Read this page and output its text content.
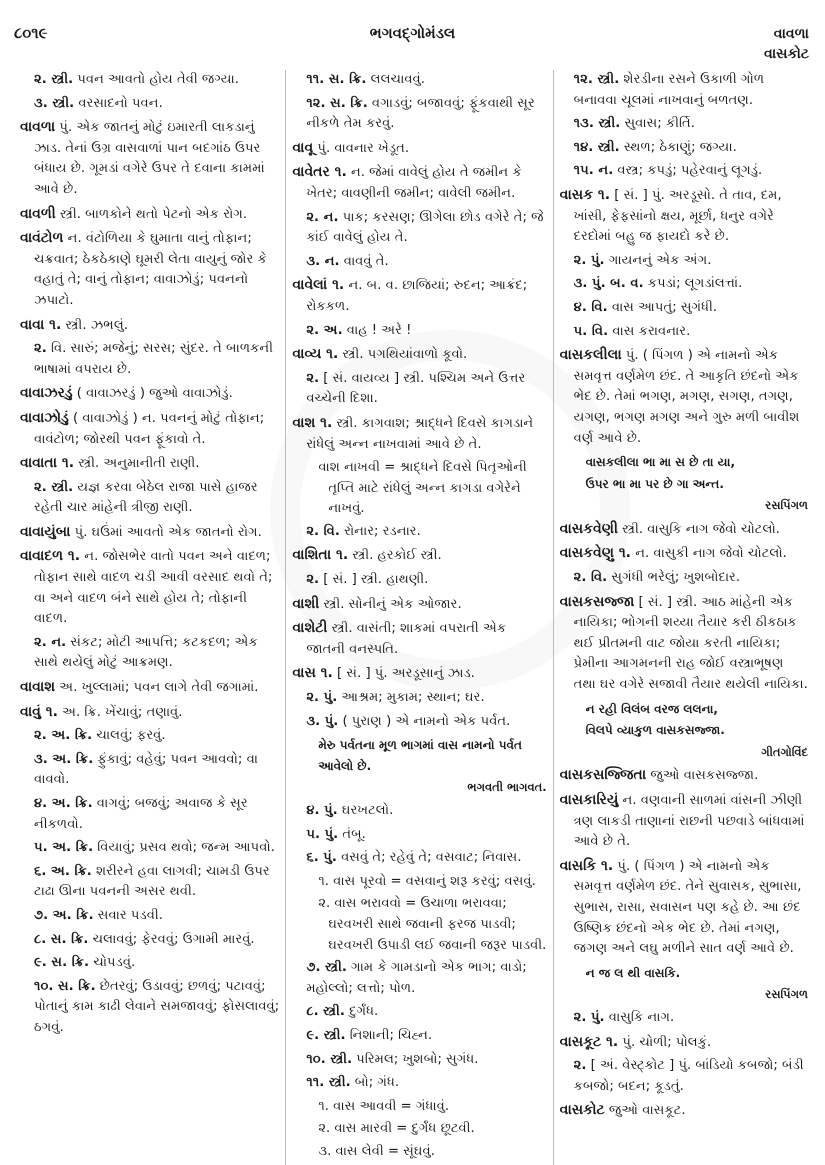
૮૦૧૯	ભગવદ્ગોમંડલ	વાવળા
વાસકોટ
૨. સ્ત્રી. પવન આવતો હોય તેવી જગ્યા.
૩. સ્ત્રી. વરસાદનો પવન.
વાવળા પું. એક જાતનું મોટું ઇમારતી લાકડાનું ઝાડ. તેનાં ઉગ્ર વાસવાળાં પાન બદગાંઠ ઉપર બંધાય છે. ગૂમડાં વગેરે ઉપર તે દવાના કામમાં આવે છે.
વાવળી સ્ત્રી. બાળકોને થતો પેટનો એક રોગ.
વાવંટોળ ન. વંટોળિયા કે ઘુમાતા વાનું તોફાન; ચક્રવાત; ઠેકઠેકાણે ઘૂમરી લેતા વાયુનું જોર કે વહાતું તે; વાનું તોફાન; વાવાઝોડું; પવનનો ઝપાટો.
વાવા ૧. સ્ત્રી. ઝભલું.
૨. વિ. સારું; મજેનું; સરસ; સુંદર. તે બાળકની ભાષામાં વપરાય છે.
વાવાઝરડું ( વાવાઝરડું ) જુઓ વાવાઝોડું.
વાવાઝોડું ( વાવાઝોડું ) ન. પવનનું મોટું તોફાન; વાવંટોળ; જોરથી પવન ફૂંકાવો તે.
વાવાતા ૧. સ્ત્રી. અનુમાનીતી રાણી.
૨. સ્ત્રી. યજ્ઞ કરવા બેઠેલ રાજા પાસે હાજર રહેતી ચાર માંહેની ત્રીજી રાણી.
વાવાયુંબા પું. ઘઉંમાં આવતો એક જાતનો રોગ.
વાવાદળ ૧. ન. જોસભેર વાતો પવન અને વાદળ; તોફાન સાથે વાદળ ચડી આવી વરસાદ થવો તે; વા અને વાદળ બંને સાથે હોય તે; તોફાની વાદળ.
૨. ન. સંકટ; મોટી આપત્તિ; કટકદળ; એક સાથે થયેલું મોટું આક્રમણ.
વાવાશ અ. ખુલ્લામાં; પવન લાગે તેવી જગામાં.
વાવું ૧. અ. ક્રિ. ખેંચાવું; તણાવું.
૨. અ. ક્રિ. ચાલવું; ફરવું.
૩. અ. ક્રિ. ફુંકાવું; વહેવું; પવન આવવો; વા વાવવો.
૪. અ. ક્રિ. વાગવું; બજવું; અવાજ કે સૂર નીકળવો.
૫. અ. ક્રિ. વિયાવું; પ્રસવ થવો; જન્મ આપવો.
૬. અ. ક્રિ. શરીરને હવા લાગવી; ચામડી ઉપર ટાઢા ઊના પવનની અસર થવી.
૭. અ. ક્રિ. સવાર પડવી.
૮. સ. ક્રિ. ચલાવવું; ફેરવવું; ઉગામી મારવું.
૯. સ. ક્રિ. ચોપડવું.
૧૦. સ. ક્રિ. છેતરવું; ઉડાવવું; છળવું; પટાવવું; પોતાનું કામ કાઢી લેવાને સમજાવવું; ફોસલાવવું; ઠગવું.
૧૧. સ. ક્રિ. લલચાવવું.
૧૨. સ. ક્રિ. વગાડવું; બજાવવું; ફૂંકવાથી સૂર નીકળે તેમ કરવું.
વાવૂ પું. વાવનાર ખેડૂત.
વાવેતર ૧. ન. જેમાં વાવેલું હોય તે જમીન કે ખેતર; વાવણીની જમીન; વાવેલી જમીન.
૨. ન. પાક; કરસણ; ઊગેલા છોડ વગેરે તે; જે કાંઈ વાવેલું હોય તે.
૩. ન. વાવવું તે.
વાવેલાં ૧. ન. બ. વ. છાજિયાં; રુદન; આક્રંદ; રોકકળ.
૨. અ. વાહ ! અરે !
વાવ્ય ૧. સ્ત્રી. પગથિયાંવાળો કૂવો.
૨. [ સં. વાયવ્ય ] સ્ત્રી. પશ્ચિમ અને ઉત્તર વચ્ચેની દિશા.
વાશ ૧. સ્ત્રી. કાગવાશ; શ્રાદ્ધને દિવસે કાગડાને રાંધેલું અન્ન નાખવામાં આવે છે તે.
વાશ નાખવી = શ્રાદ્ધને દિવસે પિતૃઓની તૃપ્તિ માટે રાંધેલું અન્ન કાગડા વગેરેને નાખવું.
૨. વિ. રોનાર; રડનાર.
વાશિતા ૧. સ્ત્રી. હરકોઈ સ્ત્રી.
૨. [ સં. ] સ્ત્રી. હાથણી.
વાશી સ્ત્રી. સોનીનું એક ઓજાર.
વાશેટી સ્ત્રી. વાસંતી; શાકમાં વપરાતી એક જાતની વનસ્પતિ.
વાસ ૧. [ સં. ] પું. અરડૂસાનું ઝાડ.
૨. પું. આશ્રમ; મુકામ; સ્થાન; ઘર.
૩. પું. ( પુરાણ ) એ નામનો એક પર્વત.
મેરુ પર્વતના મૂળ ભાગમાં વાસ નામનો પર્વત આવેલો છે.
ભગવતી ભાગવત.
૪. પું. ઘરખટલો.
૫. પું. તંબૂ.
૬. પું. વસવું તે; રહેવું તે; વસવાટ; નિવાસ.
૧. વાસ પૂરવો = વસવાનું શરૂ કરવું; વસવું.
૨. વાસ ભરાવવો = ઉચાળા ભરાવવા; ઘરવખરી સાથે જવાની ફરજ પાડવી; ઘરવખરી ઉપાડી લઈ જવાની જરૂર પાડવી.
૭. સ્ત્રી. ગામ કે ગામડાનો એક ભાગ; વાડો; મહોલ્લો; લત્તો; પોળ.
૮. સ્ત્રી. દુર્ગંધ.
૯. સ્ત્રી. નિશાની; ચિહ્ન.
૧૦. સ્ત્રી. પરિમલ; ખુશબો; સુગંધ.
૧૧. સ્ત્રી. બો; ગંધ.
૧. વાસ આવવી = ગંધાવું.
૨. વાસ મારવી = દુર્ગંધ છૂટવી.
૩. વાસ લેવી = સૂંઘવું.
૧૨. સ્ત્રી. શેરડીના રસને ઉકાળી ગોળ બનાવવા ચૂલમાં નાખવાનું બળતણ.
૧૩. સ્ત્રી. સુવાસ; કીર્તિ.
૧૪. સ્ત્રી. સ્થળ; ઠેકાણું; જગ્યા.
૧૫. ન. વસ્ત્ર; કપડું; પહેરવાનું લૂગડું.
વાસક ૧. [ સં. ] પું. અરડૂસો. તે તાવ, દમ, ખાંસી, ફેફસાંનો ક્ષય, મૂર્છા, ધનુર વગેરે દરદોમાં બહુ જ ફાયદો કરે છે.
૨. પું. ગાયનનું એક અંગ.
૩. પું. બ. વ. કપડાં; લૂગડાંલત્તાં.
૪. વિ. વાસ આપતું; સુગંધી.
૫. વિ. વાસ કરાવનાર.
વાસકલીલા પું. ( પિંગળ ) એ નામનો એક સમવૃત્ત વર્ણમેળ છંદ. તે આકૃતિ છંદનો એક ભેદ છે. તેમાં ભગણ, મગણ, સગણ, તગણ, યગણ, ભગણ મગણ અને ગુરુ મળી બાવીશ વર્ણ આવે છે.
વાસકલીલા ભા મા સ છે તા યા,
ઉપર ભા મા પર છે ગા અન્ત.
રસપિંગળ
વાસકવેણી સ્ત્રી. વાસુકિ નાગ જેવો ચોટલો.
વાસકવેણુ ૧. ન. વાસુકી નાગ જેવો ચોટલો.
૨. વિ. સુગંધી ભરેલું; ખુશબોદાર.
વાસકસજ્જા [ સં. ] સ્ત્રી. આઠ માંહેની એક નાયિકા; ભોગની શય્યા તૈયાર કરી ઠીકઠાક થઈ પ્રીતમની વાટ જોયા કરતી નાયિકા; પ્રેમીના આગમનની રાહ જોઈ વસ્ત્રાભૂષણ તથા ઘર વગેરે સજાવી તૈયાર થયેલી નાયિકા.
ન રહી વિલંબ વરજ લલના,
વિલપે વ્યાકુળ વાસકસજ્જા.
ગીતગોવિંદ
વાસકસજ્જિતા જુઓ વાસકસજ્જા.
વાસકારિયું ન. વણવાની સાળમાં વાંસની ઝીણી ત્રણ લાકડી તાણાનાં રાછની પછવાડે બાંધવામાં આવે છે તે.
વાસકિ ૧. પું. ( પિંગળ ) એ નામનો એક સમવૃત્ત વર્ણમેળ છંદ. તેને સુવાસક, સુભાસા, સુભાસ, રાસા, સવાસન પણ કહે છે. આ છંદ ઉષ્ણિક છંદનો એક ભેદ છે. તેમાં નગણ, જગણ અને લઘુ મળીને સાત વર્ણ આવે છે.
ન જ લ થી વાસકિ.
રસપિંગળ
૨. પું. વાસુકિ નાગ.
વાસકૂટ ૧. પું. ચોળી; પોલકું.
૨. [ અં. વેસ્ટ્કોટ ] પું. બાંડિયો કબજો; બંડી કબજો; બદન; કૂડતું.
વાસકોટ જુઓ વાસકૂટ.
